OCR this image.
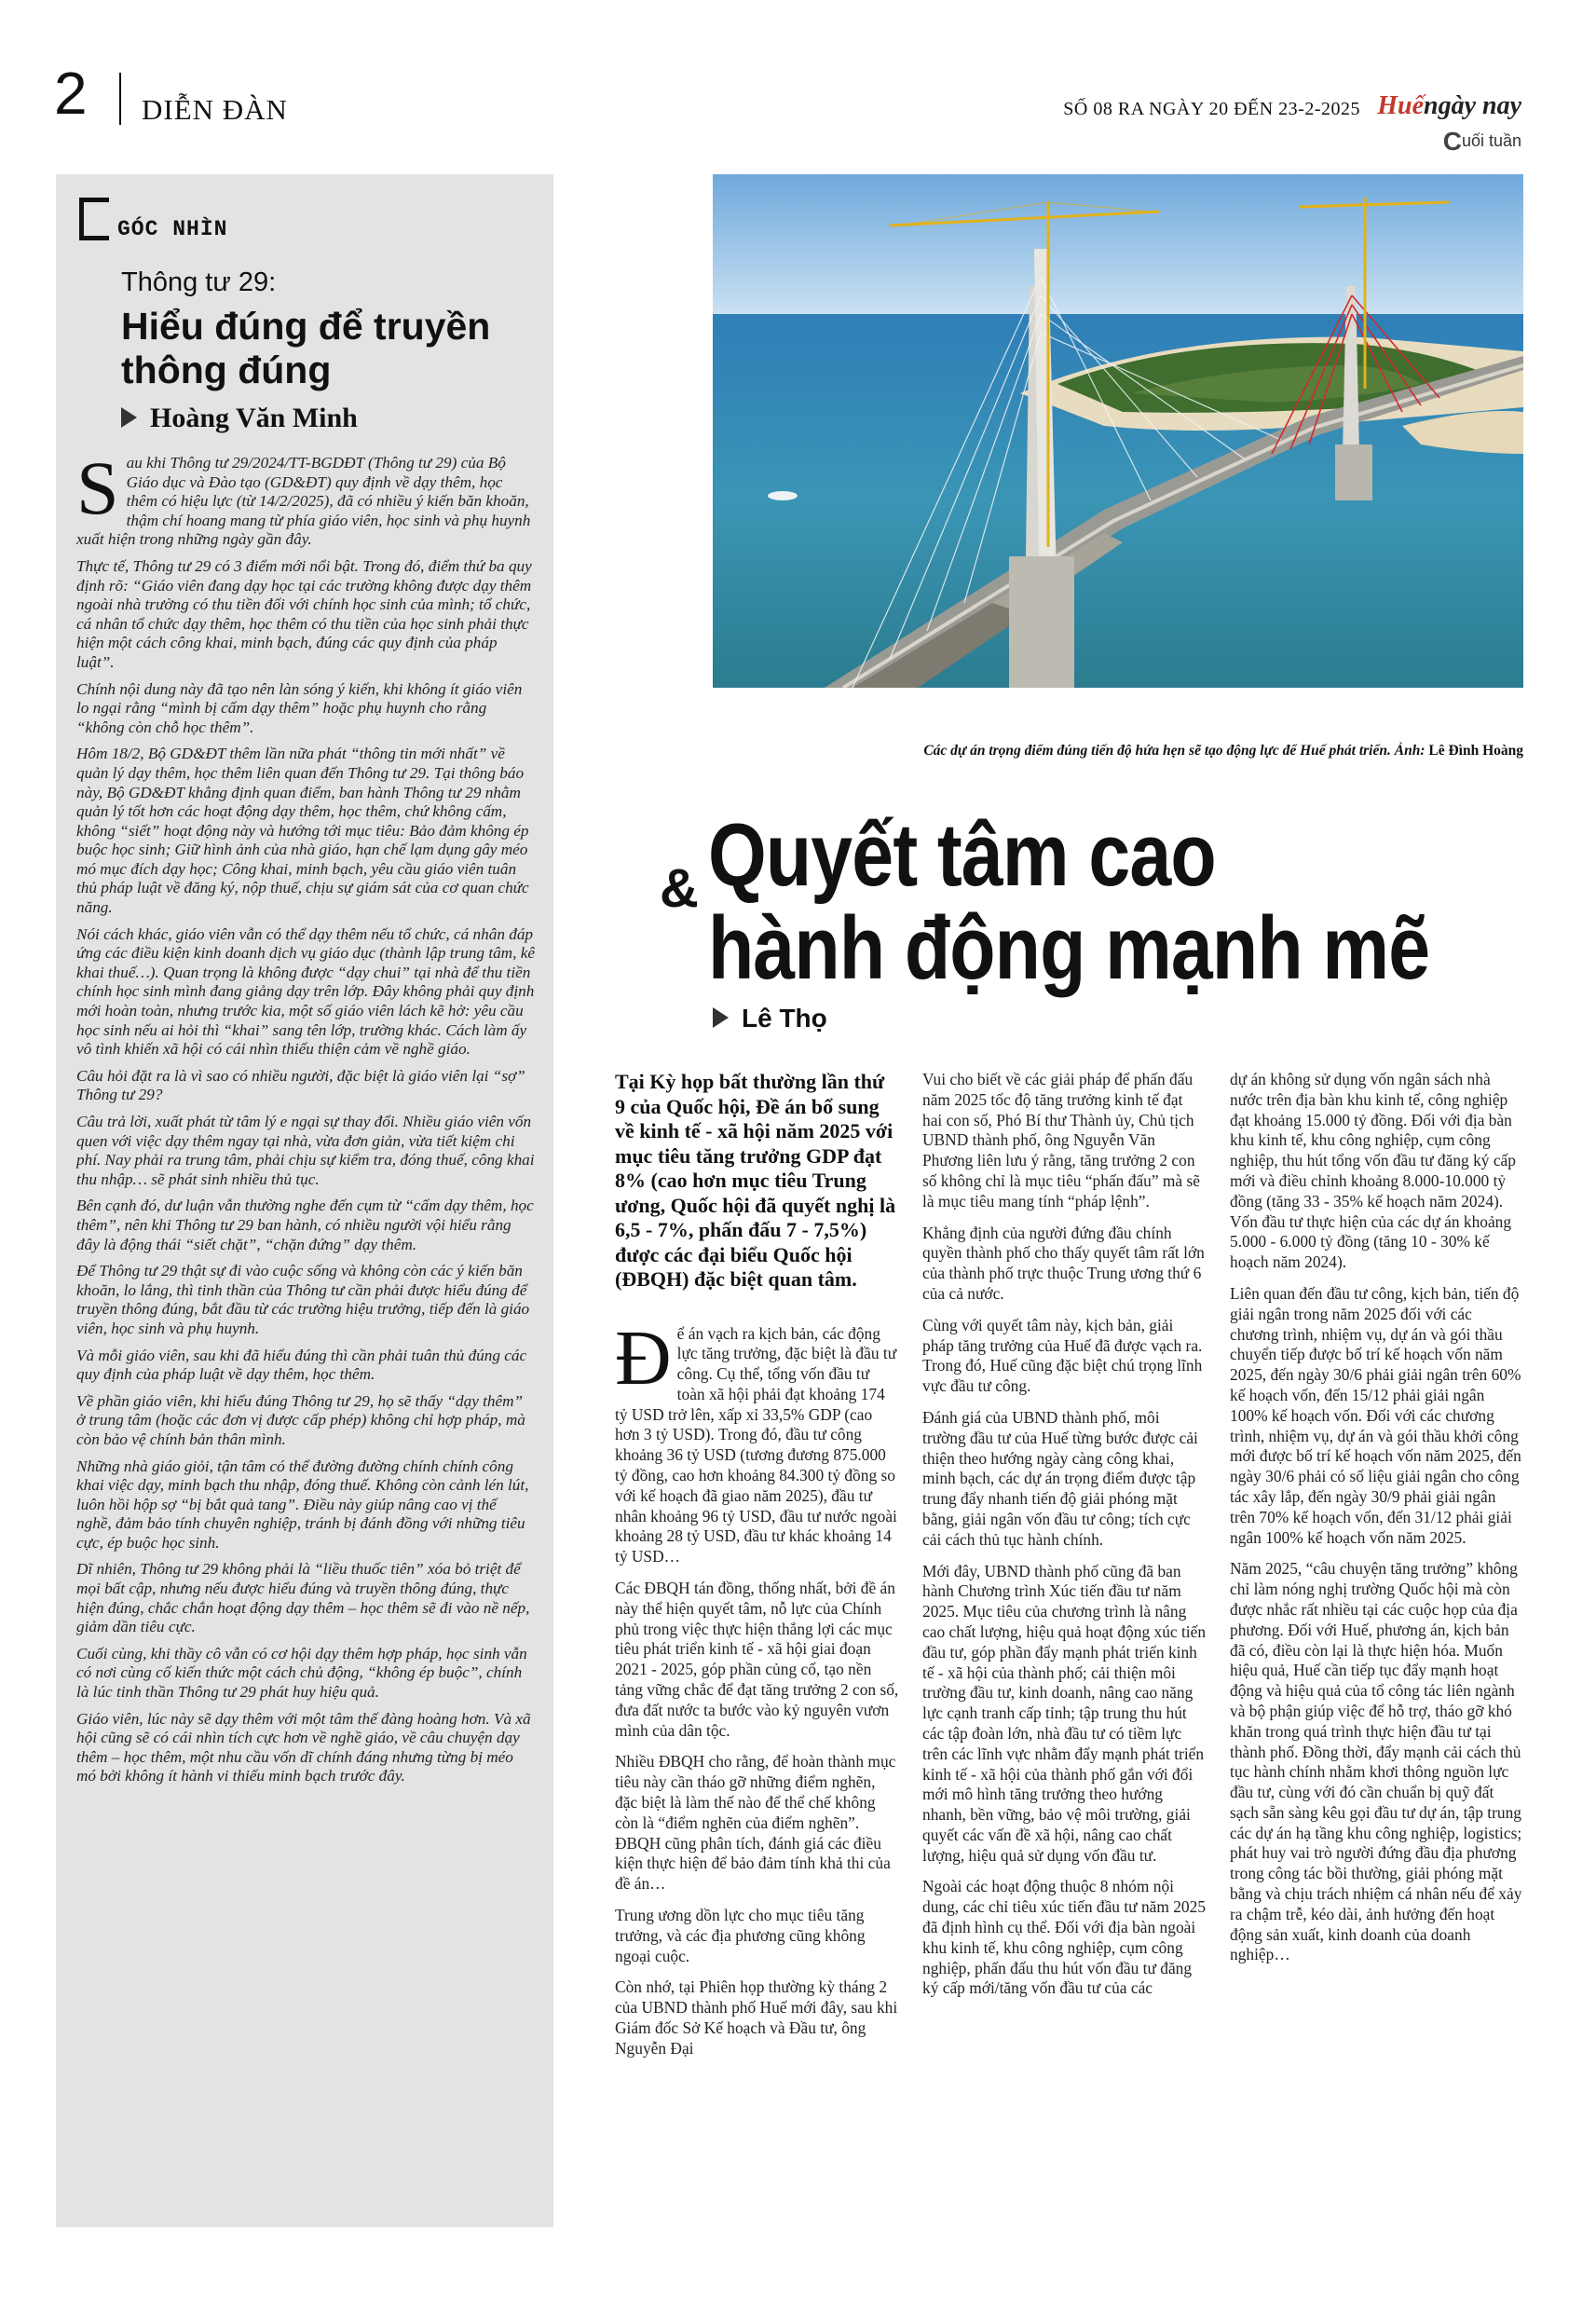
2 DIỄN ĐÀN	SỐ 08 RA NGÀY 20 ĐẾN 23-2-2025 Huếngày nay
Cuối tuần
GÓC NHÌN
Thông tư 29:
Hiểu đúng để truyền thông đúng
Hoàng Văn Minh

Sau khi Thông tư 29/2024/TT-BGDĐT (Thông tư 29) của Bộ Giáo dục và Đào tạo (GD&ĐT) quy định về dạy thêm, học thêm có hiệu lực (từ 14/2/2025), đã có nhiều ý kiến băn khoăn, thậm chí hoang mang từ phía giáo viên, học sinh và phụ huynh xuất hiện trong những ngày gần đây.

Thực tế, Thông tư 29 có 3 điểm mới nổi bật. Trong đó, điểm thứ ba quy định rõ: “Giáo viên đang dạy học tại các trường không được dạy thêm ngoài nhà trường có thu tiền đối với chính học sinh của mình; tổ chức, cá nhân tổ chức dạy thêm, học thêm có thu tiền của học sinh phải thực hiện một cách công khai, minh bạch, đúng các quy định của pháp luật”.

Chính nội dung này đã tạo nên làn sóng ý kiến, khi không ít giáo viên lo ngại rằng “mình bị cấm dạy thêm” hoặc phụ huynh cho rằng “không còn chỗ học thêm”.

Hôm 18/2, Bộ GD&ĐT thêm lần nữa phát “thông tin mới nhất” về quản lý dạy thêm, học thêm liên quan đến Thông tư 29. Tại thông báo này, Bộ GD&ĐT khẳng định quan điểm, ban hành Thông tư 29 nhằm quản lý tốt hơn các hoạt động dạy thêm, học thêm, chứ không cấm, không “siết” hoạt động này và hướng tới mục tiêu: Bảo đảm không ép buộc học sinh; Giữ hình ảnh của nhà giáo, hạn chế lạm dụng gây méo mó mục đích dạy học; Công khai, minh bạch, yêu cầu giáo viên tuân thủ pháp luật về đăng ký, nộp thuế, chịu sự giám sát của cơ quan chức năng.

Nói cách khác, giáo viên vẫn có thể dạy thêm nếu tổ chức, cá nhân đáp ứng các điều kiện kinh doanh dịch vụ giáo dục (thành lập trung tâm, kê khai thuế…). Quan trọng là không được “dạy chui” tại nhà để thu tiền chính học sinh mình đang giảng dạy trên lớp. Đây không phải quy định mới hoàn toàn, nhưng trước kia, một số giáo viên lách kẽ hở: yêu cầu học sinh nếu ai hỏi thì “khai” sang tên lớp, trường khác. Cách làm ấy vô tình khiến xã hội có cái nhìn thiếu thiện cảm về nghề giáo.

Câu hỏi đặt ra là vì sao có nhiều người, đặc biệt là giáo viên lại “sợ” Thông tư 29?

Câu trả lời, xuất phát từ tâm lý e ngại sự thay đổi. Nhiều giáo viên vốn quen với việc dạy thêm ngay tại nhà, vừa đơn giản, vừa tiết kiệm chi phí. Nay phải ra trung tâm, phải chịu sự kiểm tra, đóng thuế, công khai thu nhập… sẽ phát sinh nhiều thủ tục.

Bên cạnh đó, dư luận vẫn thường nghe đến cụm từ “cấm dạy thêm, học thêm”, nên khi Thông tư 29 ban hành, có nhiều người vội hiểu rằng đây là động thái “siết chặt”, “chặn đứng” dạy thêm.

Để Thông tư 29 thật sự đi vào cuộc sống và không còn các ý kiến băn khoăn, lo lắng, thì tinh thần của Thông tư cần phải được hiểu đúng để truyền thông đúng, bắt đầu từ các trường hiệu trưởng, tiếp đến là giáo viên, học sinh và phụ huynh.

Và mỗi giáo viên, sau khi đã hiểu đúng thì cần phải tuân thủ đúng các quy định của pháp luật về dạy thêm, học thêm.

Về phần giáo viên, khi hiểu đúng Thông tư 29, họ sẽ thấy “dạy thêm” ở trung tâm (hoặc các đơn vị được cấp phép) không chỉ hợp pháp, mà còn bảo vệ chính bản thân mình.

Những nhà giáo giỏi, tận tâm có thể đường đường chính chính công khai việc dạy, minh bạch thu nhập, đóng thuế. Không còn cảnh lén lút, luôn hồi hộp sợ “bị bắt quả tang”. Điều này giúp nâng cao vị thế nghề, đảm bảo tính chuyên nghiệp, tránh bị đánh đồng với những tiêu cực, ép buộc học sinh.

Dĩ nhiên, Thông tư 29 không phải là “liều thuốc tiên” xóa bỏ triệt để mọi bất cập, nhưng nếu được hiểu đúng và truyền thông đúng, thực hiện đúng, chắc chắn hoạt động dạy thêm – học thêm sẽ đi vào nề nếp, giảm dần tiêu cực.

Cuối cùng, khi thầy cô vẫn có cơ hội dạy thêm hợp pháp, học sinh vẫn có nơi cùng cố kiến thức một cách chủ động, “không ép buộc”, chính là lúc tinh thần Thông tư 29 phát huy hiệu quả.

Giáo viên, lúc này sẽ dạy thêm với một tâm thế đàng hoàng hơn. Và xã hội cũng sẽ có cái nhìn tích cực hơn về nghề giáo, về câu chuyện dạy thêm – học thêm, một nhu cầu vốn dĩ chính đáng nhưng từng bị méo mó bởi không ít hành vi thiếu minh bạch trước đây.

Các dự án trọng điểm đúng tiến độ hứa hẹn sẽ tạo động lực để Huế phát triển. Ảnh: Lê Đình Hoàng
& Quyết tâm cao
hành động mạnh mẽ
Lê Thọ

Tại Kỳ họp bất thường lần thứ 9 của Quốc hội, Đề án bổ sung về kinh tế - xã hội năm 2025 với mục tiêu tăng trưởng GDP đạt 8% (cao hơn mục tiêu Trung ương, Quốc hội đã quyết nghị là 6,5 - 7%, phấn đấu 7 - 7,5%) được các đại biểu Quốc hội (ĐBQH) đặc biệt quan tâm.

Để án vạch ra kịch bản, các động lực tăng trưởng, đặc biệt là đầu tư công. Cụ thể, tổng vốn đầu tư toàn xã hội phải đạt khoảng 174 tỷ USD trở lên, xấp xỉ 33,5% GDP (cao hơn 3 tỷ USD). Trong đó, đầu tư công khoảng 36 tỷ USD (tương đương 875.000 tỷ đồng, cao hơn khoảng 84.300 tỷ đồng so với kế hoạch đã giao năm 2025), đầu tư nhân khoảng 96 tỷ USD, đầu tư nước ngoài khoảng 28 tỷ USD, đầu tư khác khoảng 14 tỷ USD…

Các ĐBQH tán đồng, thống nhất, bởi đề án này thể hiện quyết tâm, nỗ lực của Chính phủ trong việc thực hiện thắng lợi các mục tiêu phát triển kinh tế - xã hội giai đoạn 2021 - 2025, góp phần củng cố, tạo nền tảng vững chắc để đạt tăng trưởng 2 con số, đưa đất nước ta bước vào kỷ nguyên vươn mình của dân tộc.

Nhiều ĐBQH cho rằng, để hoàn thành mục tiêu này cần tháo gỡ những điểm nghẽn, đặc biệt là làm thế nào để thể chế không còn là “điểm nghẽn của điểm nghẽn”. ĐBQH cũng phân tích, đánh giá các điều kiện thực hiện để bảo đảm tính khả thi của đề án…

Trung ương dồn lực cho mục tiêu tăng trưởng, và các địa phương cũng không ngoại cuộc.

Còn nhớ, tại Phiên họp thường kỳ tháng 2 của UBND thành phố Huế mới đây, sau khi Giám đốc Sở Kế hoạch và Đầu tư, ông Nguyễn Đại

Vui cho biết về các giải pháp để phấn đấu năm 2025 tốc độ tăng trưởng kinh tế đạt hai con số, Phó Bí thư Thành ủy, Chủ tịch UBND thành phố, ông Nguyễn Văn Phương liên lưu ý rằng, tăng trưởng 2 con số không chỉ là mục tiêu “phấn đấu” mà sẽ là mục tiêu mang tính “pháp lệnh”.

Khẳng định của người đứng đầu chính quyền thành phố cho thấy quyết tâm rất lớn của thành phố trực thuộc Trung ương thứ 6 của cả nước.

Cùng với quyết tâm này, kịch bản, giải pháp tăng trưởng của Huế đã được vạch ra. Trong đó, Huế cũng đặc biệt chú trọng lĩnh vực đầu tư công.

Đánh giá của UBND thành phố, môi trường đầu tư của Huế từng bước được cải thiện theo hướng ngày càng công khai, minh bạch, các dự án trọng điểm được tập trung đẩy nhanh tiến độ giải phóng mặt bằng, giải ngân vốn đầu tư công; tích cực cải cách thủ tục hành chính.

Mới đây, UBND thành phố cũng đã ban hành Chương trình Xúc tiến đầu tư năm 2025. Mục tiêu của chương trình là nâng cao chất lượng, hiệu quả hoạt động xúc tiến đầu tư, góp phần đẩy mạnh phát triển kinh tế - xã hội của thành phố; cải thiện môi trường đầu tư, kinh doanh, nâng cao năng lực cạnh tranh cấp tỉnh; tập trung thu hút các tập đoàn lớn, nhà đầu tư có tiềm lực trên các lĩnh vực nhằm đẩy mạnh phát triển kinh tế - xã hội của thành phố gắn với đổi mới mô hình tăng trưởng theo hướng nhanh, bền vững, bảo vệ môi trường, giải quyết các vấn đề xã hội, nâng cao chất lượng, hiệu quả sử dụng vốn đầu tư.

Ngoài các hoạt động thuộc 8 nhóm nội dung, các chỉ tiêu xúc tiến đầu tư năm 2025 đã định hình cụ thể. Đối với địa bàn ngoài khu kinh tế, khu công nghiệp, cụm công nghiệp, phấn đấu thu hút vốn đầu tư đăng ký cấp mới/tăng vốn đầu tư của các

dự án không sử dụng vốn ngân sách nhà nước trên địa bàn khu kinh tế, công nghiệp đạt khoảng 15.000 tỷ đồng. Đối với địa bàn khu kinh tế, khu công nghiệp, cụm công nghiệp, thu hút tổng vốn đầu tư đăng ký cấp mới và điều chỉnh khoảng 8.000-10.000 tỷ đồng (tăng 33 - 35% kế hoạch năm 2024). Vốn đầu tư thực hiện của các dự án khoảng 5.000 - 6.000 tỷ đồng (tăng 10 - 30% kế hoạch năm 2024).

Liên quan đến đầu tư công, kịch bản, tiến độ giải ngân trong năm 2025 đối với các chương trình, nhiệm vụ, dự án và gói thầu chuyển tiếp được bố trí kế hoạch vốn năm 2025, đến ngày 30/6 phải giải ngân trên 60% kế hoạch vốn, đến 15/12 phải giải ngân 100% kế hoạch vốn. Đối với các chương trình, nhiệm vụ, dự án và gói thầu khởi công mới được bố trí kế hoạch vốn năm 2025, đến ngày 30/6 phải có số liệu giải ngân cho công tác xây lắp, đến ngày 30/9 phải giải ngân trên 70% kế hoạch vốn, đến 31/12 phải giải ngân 100% kế hoạch vốn năm 2025.

Năm 2025, “câu chuyện tăng trưởng” không chỉ làm nóng nghị trường Quốc hội mà còn được nhắc rất nhiều tại các cuộc họp của địa phương. Đối với Huế, phương án, kịch bản đã có, điều còn lại là thực hiện hóa. Muốn hiệu quả, Huế cần tiếp tục đẩy mạnh hoạt động và hiệu quả của tổ công tác liên ngành và bộ phận giúp việc để hỗ trợ, tháo gỡ khó khăn trong quá trình thực hiện đầu tư tại thành phố. Đồng thời, đẩy mạnh cải cách thủ tục hành chính nhằm khơi thông nguồn lực đầu tư, cùng với đó cần chuẩn bị quỹ đất sạch sẵn sàng kêu gọi đầu tư dự án, tập trung các dự án hạ tầng khu công nghiệp, logistics; phát huy vai trò người đứng đầu địa phương trong công tác bồi thường, giải phóng mặt bằng và chịu trách nhiệm cá nhân nếu để xảy ra chậm trễ, kéo dài, ảnh hưởng đến hoạt động sản xuất, kinh doanh của doanh nghiệp…
